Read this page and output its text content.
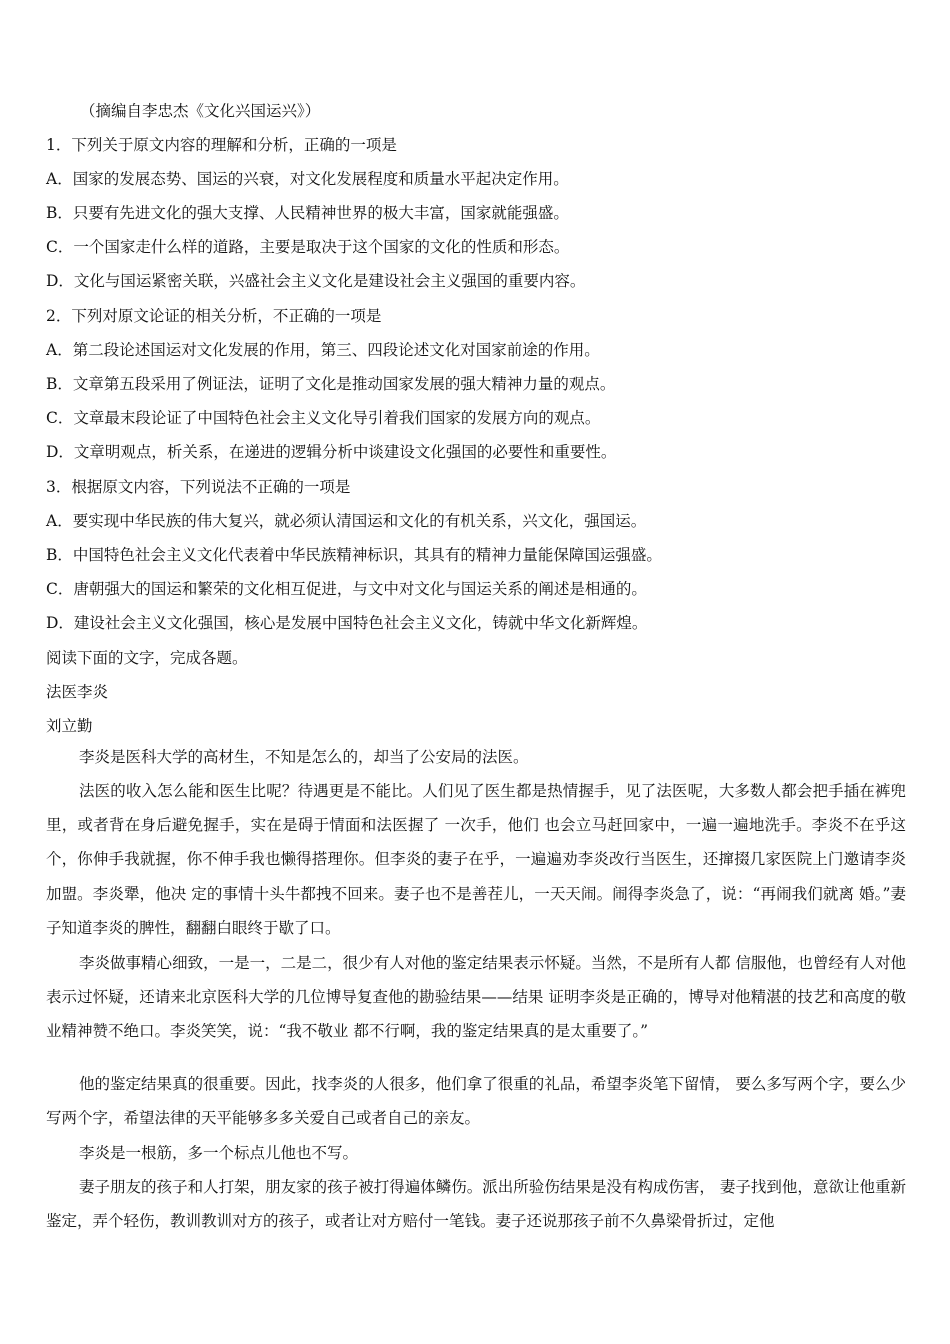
（摘编自李忠杰《文化兴国运兴》）
1．下列关于原文内容的理解和分析，正确的一项是
A．国家的发展态势、国运的兴衰，对文化发展程度和质量水平起决定作用。
B．只要有先进文化的强大支撑、人民精神世界的极大丰富，国家就能强盛。
C．一个国家走什么样的道路，主要是取决于这个国家的文化的性质和形态。
D．文化与国运紧密关联，兴盛社会主义文化是建设社会主义强国的重要内容。
2．下列对原文论证的相关分析，不正确的一项是
A．第二段论述国运对文化发展的作用，第三、四段论述文化对国家前途的作用。
B．文章第五段采用了例证法，证明了文化是推动国家发展的强大精神力量的观点。
C．文章最末段论证了中国特色社会主义文化导引着我们国家的发展方向的观点。
D．文章明观点，析关系，在递进的逻辑分析中谈建设文化强国的必要性和重要性。
3．根据原文内容，下列说法不正确的一项是
A．要实现中华民族的伟大复兴，就必须认清国运和文化的有机关系，兴文化，强国运。
B．中国特色社会主义文化代表着中华民族精神标识，其具有的精神力量能保障国运强盛。
C．唐朝强大的国运和繁荣的文化相互促进，与文中对文化与国运关系的阐述是相通的。
D．建设社会主义文化强国，核心是发展中国特色社会主义文化，铸就中华文化新辉煌。
阅读下面的文字，完成各题。
法医李炎
刘立勤
李炎是医科大学的高材生，不知是怎么的，却当了公安局的法医。
法医的收入怎么能和医生比呢？待遇更是不能比。人们见了医生都是热情握手，见了法医呢，大多数人都会把手插在裤兜里，或者背在身后避免握手，实在是碍于情面和法医握了 一次手，他们 也会立马赶回家中，一遍一遍地洗手。李炎不在乎这个，你伸手我就握，你不伸手我也懒得搭理你。但李炎的妻子在乎，一遍遍劝李炎改行当医生，还撺掇几家医院上门邀请李炎加盟。李炎犟，他决 定的事情十头牛都拽不回来。妻子也不是善茬儿，一天天闹。闹得李炎急了，说：“再闹我们就离 婚。”妻子知道李炎的脾性，翻翻白眼终于歇了口。
李炎做事精心细致，一是一，二是二，很少有人对他的鉴定结果表示怀疑。当然，不是所有人都 信服他，也曾经有人对他表示过怀疑，还请来北京医科大学的几位博导复查他的勘验结果——结果 证明李炎是正确的，博导对他精湛的技艺和高度的敬业精神赞不绝口。李炎笑笑，说：“我不敬业 都不行啊，我的鉴定结果真的是太重要了。”
他的鉴定结果真的很重要。因此，找李炎的人很多，他们拿了很重的礼品，希望李炎笔下留情， 要么多写两个字，要么少写两个字，希望法律的天平能够多多关爱自己或者自己的亲友。
李炎是一根筋，多一个标点儿他也不写。
妻子朋友的孩子和人打架，朋友家的孩子被打得遍体鳞伤。派出所验伤结果是没有构成伤害， 妻子找到他，意欲让他重新鉴定，弄个轻伤，教训教训对方的孩子，或者让对方赔付一笔钱。妻子还说那孩子前不久鼻梁骨折过，定他
